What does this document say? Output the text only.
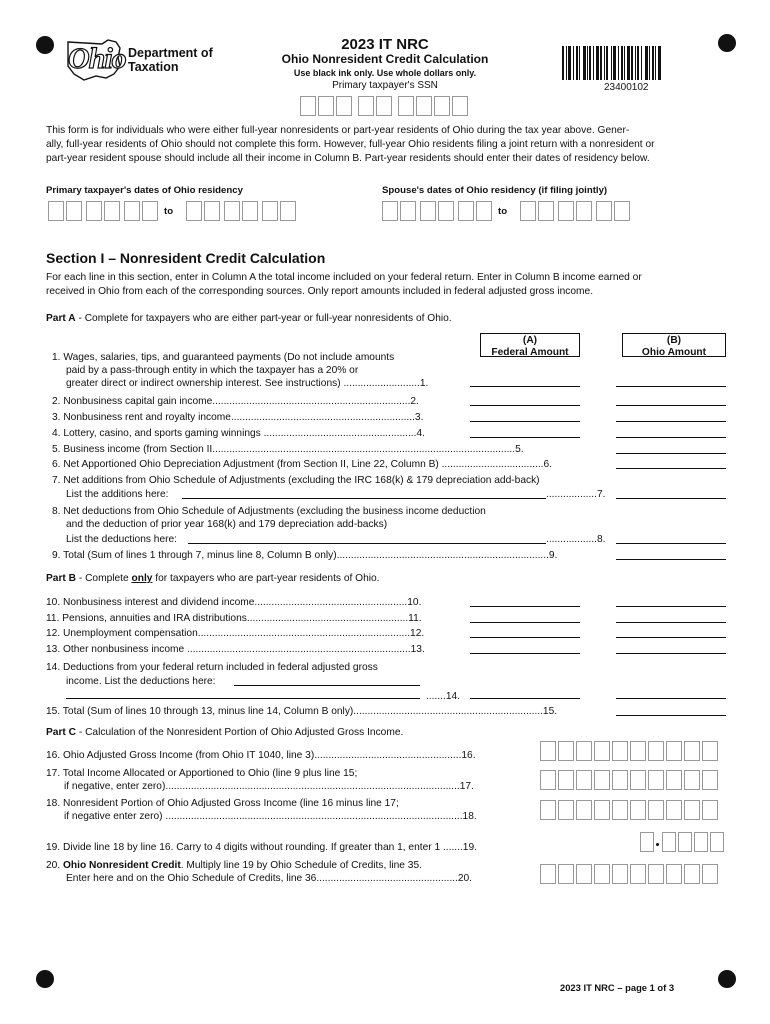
Ohio Department of
Taxation
2023 IT NRC
Ohio Nonresident Credit Calculation
Use black ink only. Use whole dollars only.
Primary taxpayer's SSN	23400102
This form is for individuals who were either full-year nonresidents or part-year residents of Ohio during the tax year above. Gener-
ally, full-year residents of Ohio should not complete this form. However, full-year Ohio residents filing a joint return with a nonresident or
part-year resident spouse should include all their income in Column B. Part-year residents should enter their dates of residency below.
Primary taxpayer's dates of Ohio residency	Spouse's dates of Ohio residency (if filing jointly)
to	to
Section I – Nonresident Credit Calculation
For each line in this section, enter in Column A the total income included on your federal return. Enter in Column B income earned or
received in Ohio from each of the corresponding sources. Only report amounts included in federal adjusted gross income.
Part A - Complete for taxpayers who are either part-year or full-year nonresidents of Ohio.
(A)
Federal Amount
(B)
Ohio Amount
1. Wages, salaries, tips, and guaranteed payments (Do not include amounts
paid by a pass-through entity in which the taxpayer has a 20% or
greater direct or indirect ownership interest. See instructions) ...........................1.
2. Nonbusiness capital gain income......................................................................2.
3. Nonbusiness rent and royalty income.................................................................3.
4. Lottery, casino, and sports gaming winnings ......................................................4.
5. Business income (from Section II...........................................................................................................5.
6. Net Apportioned Ohio Depreciation Adjustment (from Section II, Line 22, Column B) ....................................6.
7. Net additions from Ohio Schedule of Adjustments (excluding the IRC 168(k) & 179 depreciation add-back)
List the additions here:	..................7.
8. Net deductions from Ohio Schedule of Adjustments (excluding the business income deduction
and the deduction of prior year 168(k) and 179 depreciation add-backs)
List the deductions here:	..................8.
9. Total (Sum of lines 1 through 7, minus line 8, Column B only)...........................................................................9.
Part B - Complete only for taxpayers who are part-year residents of Ohio.
10. Nonbusiness interest and dividend income......................................................10.
11. Pensions, annuities and IRA distributions.........................................................11.
12. Unemployment compensation...........................................................................12.
13. Other nonbusiness income ...............................................................................13.
14. Deductions from your federal return included in federal adjusted gross
income. List the deductions here:
.......14.
15. Total (Sum of lines 10 through 13, minus line 14, Column B only)...................................................................15.
Part C - Calculation of the Nonresident Portion of Ohio Adjusted Gross Income.
16. Ohio Adjusted Gross Income (from Ohio IT 1040, line 3)....................................................16.
17. Total Income Allocated or Apportioned to Ohio (line 9 plus line 15;
if negative, enter zero)........................................................................................................17.
18. Nonresident Portion of Ohio Adjusted Gross Income (line 16 minus line 17;
if negative enter zero) .........................................................................................................18.
19. Divide line 18 by line 16. Carry to 4 digits without rounding. If greater than 1, enter 1 .......19.
20. Ohio Nonresident Credit. Multiply line 19 by Ohio Schedule of Credits, line 35.
Enter here and on the Ohio Schedule of Credits, line 36..................................................20.
2023 IT NRC – page 1 of 3
